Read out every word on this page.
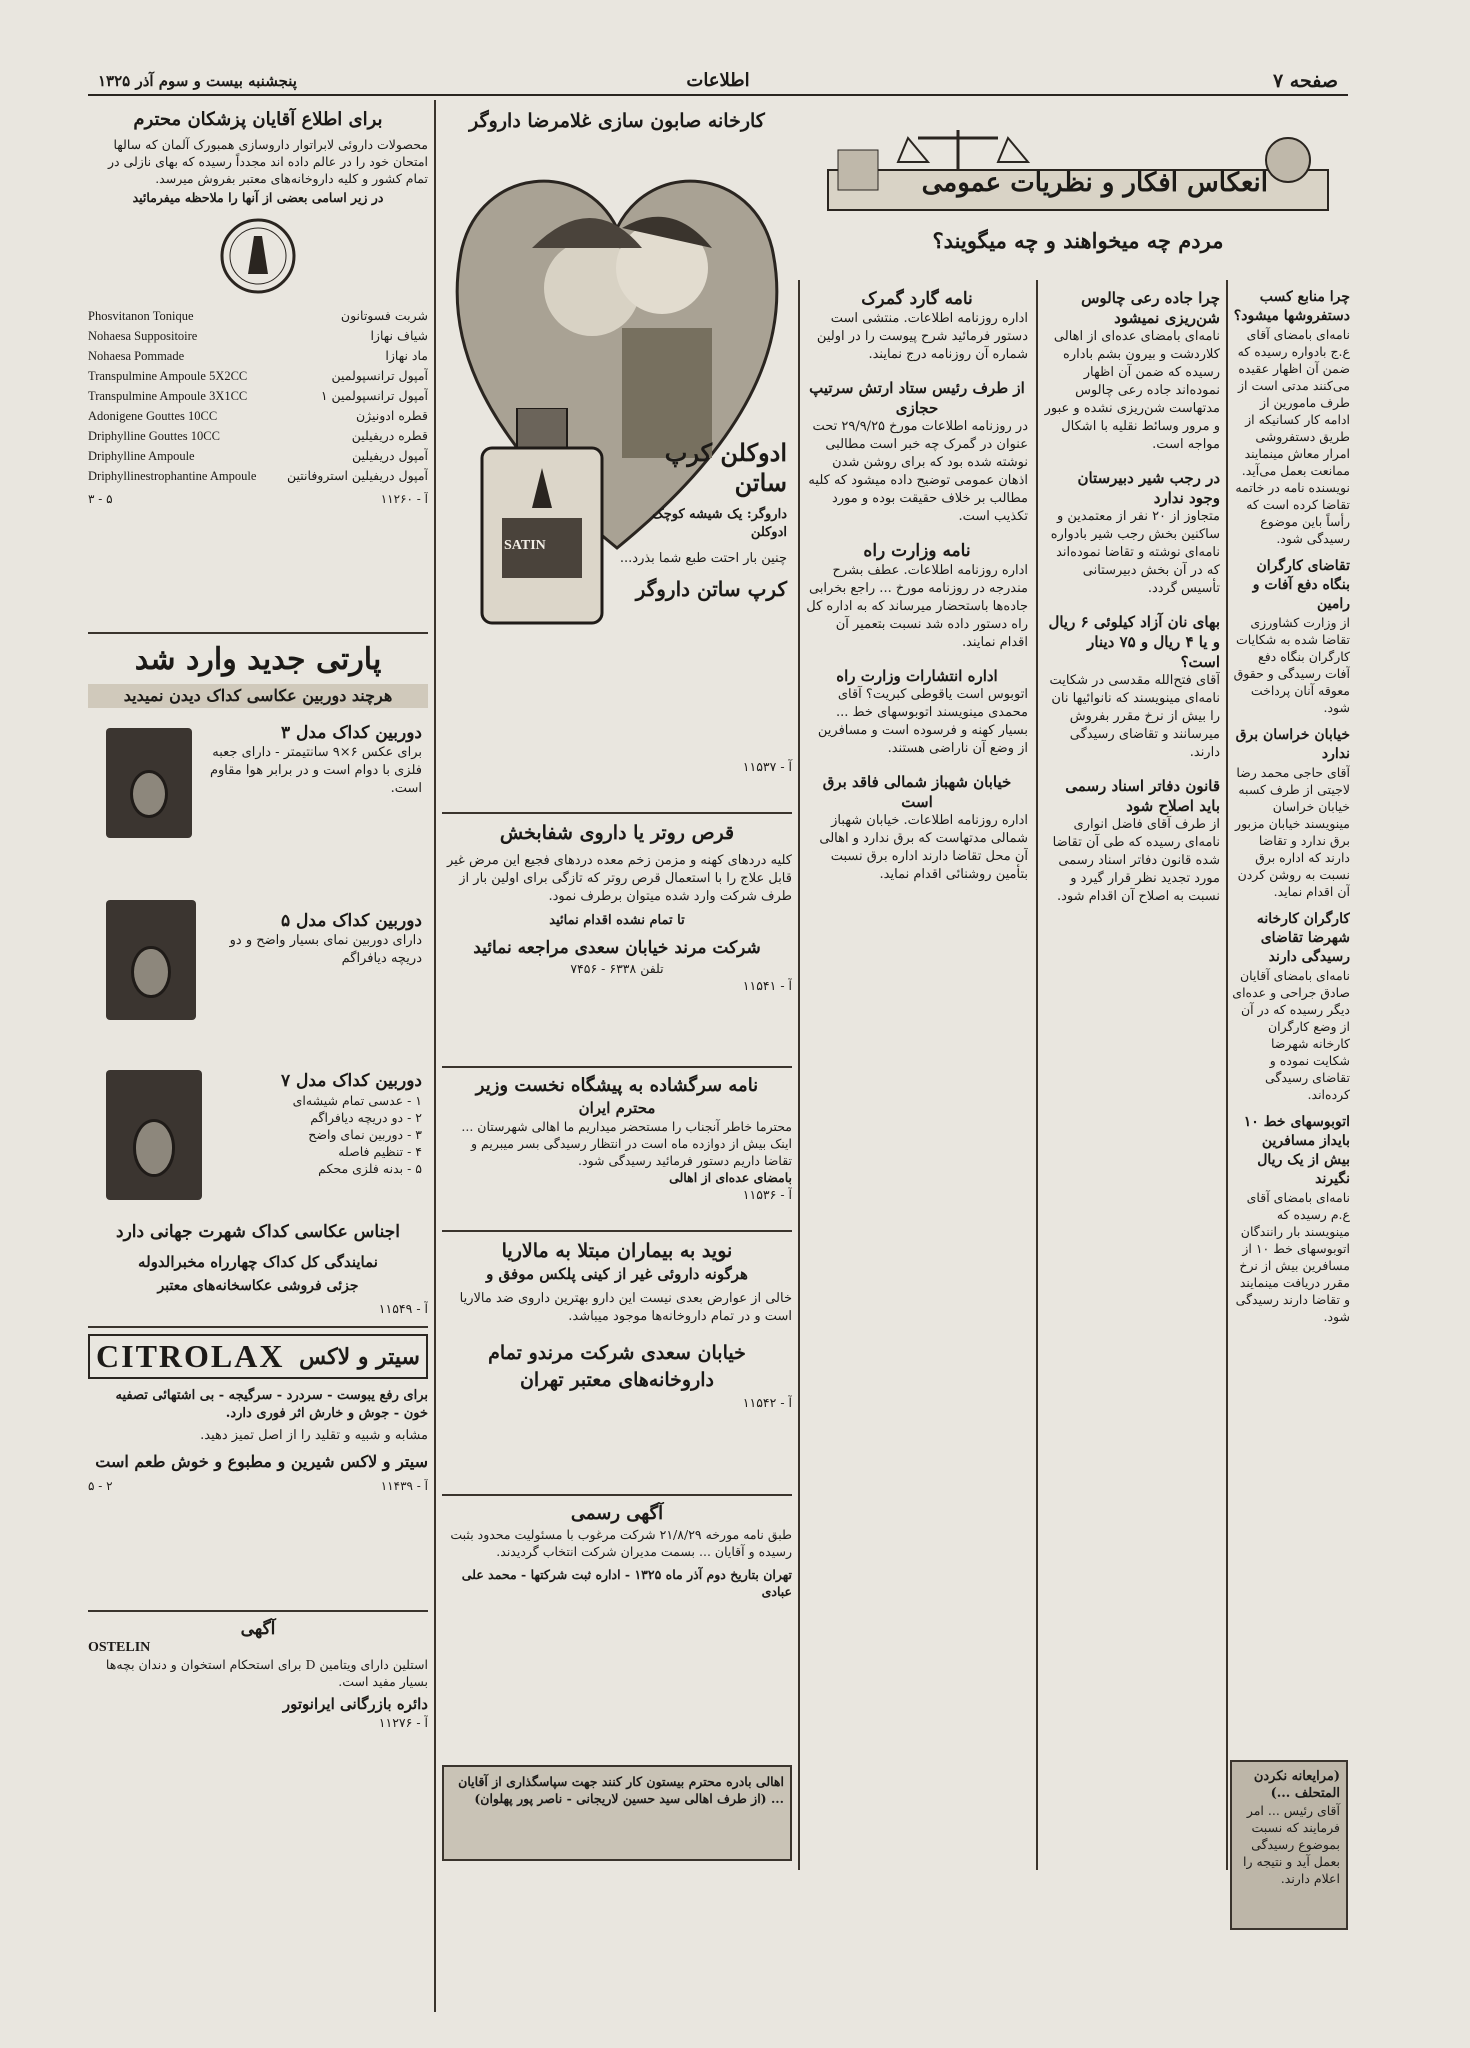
صفحه ۷
اطلاعات
پنجشنبه بیست و سوم آذر ۱۳۲۵
انعکاس افکار و نظریات عمومی
مردم چه میخواهند و چه میگویند؟

چرا منابع کسب دستفروشها میشود؟

نامه‌ای بامضای آقای ع.ج بادواره رسیده که ضمن آن اظهار عقیده می‌کنند مدتی است از طرف مامورین از ادامه کار کسانیکه از طریق دستفروشی امرار معاش مینمایند ممانعت بعمل می‌آید. نویسنده نامه در خاتمه تقاضا کرده است که رأساً باین موضوع رسیدگی شود.

تقاضای کارگران بنگاه دفع آفات و رامین

از وزارت کشاورزی تقاضا شده به شکایات کارگران بنگاه دفع آفات رسیدگی و حقوق معوقه آنان پرداخت شود.

خیابان خراسان برق ندارد

آقای حاجی محمد رضا لاجیتی از طرف کسبه خیابان خراسان مینویسند خیابان مزبور برق ندارد و تقاضا دارند که اداره برق نسبت به روشن کردن آن اقدام نماید.

کارگران کارخانه شهرضا تقاضای رسیدگی دارند

نامه‌ای بامضای آقایان صادق جراحی و عده‌ای دیگر رسیده که در آن از وضع کارگران کارخانه شهرضا شکایت نموده و تقاضای رسیدگی کرده‌اند.

اتوبوسهای خط ۱۰ بایداز مسافرین بیش از یک ریال نگیرند

نامه‌ای بامضای آقای ع.م رسیده که مینویسند بار رانندگان اتوبوسهای خط ۱۰ از مسافرین بیش از نرخ مقرر دریافت مینمایند و تقاضا دارند رسیدگی شود.

(مرایعانه نکردن المتحلف ...)

آقای رئیس ... امر فرمایند که نسبت بموضوع رسیدگی بعمل آید و نتیجه را اعلام دارند.

چرا جاده رعی چالوس شن‌ریزی نمیشود

نامه‌ای بامضای عده‌ای از اهالی کلاردشت و بیرون بشم باداره رسیده که ضمن آن اظهار نموده‌اند جاده رعی چالوس مدتهاست شن‌ریزی نشده و عبور و مرور وسائط نقلیه با اشکال مواجه است.

در رجب شیر دبیرستان وجود ندارد

متجاوز از ۲۰ نفر از معتمدین و ساکنین بخش رجب شیر بادواره نامه‌ای نوشته و تقاضا نموده‌اند که در آن بخش دبیرستانی تأسیس گردد.

بهای نان آزاد کیلوئی ۶ ریال و یا ۴ ریال و ۷۵ دینار است؟

آقای فتح‌الله مقدسی در شکایت نامه‌ای مینویسند که نانوائیها نان را بیش از نرخ مقرر بفروش میرسانند و تقاضای رسیدگی دارند.

قانون دفاتر اسناد رسمی باید اصلاح شود

از طرف آقای فاضل انواری نامه‌ای رسیده که طی آن تقاضا شده قانون دفاتر اسناد رسمی مورد تجدید نظر قرار گیرد و نسبت به اصلاح آن اقدام شود.

نامه گارد گمرک

اداره روزنامه اطلاعات. منتشی است دستور فرمائید شرح پیوست را در اولین شماره آن روزنامه درج نمایند.

از طرف رئیس ستاد ارتش سرتیپ حجازی

در روزنامه اطلاعات مورخ ۲۹/۹/۲۵ تحت عنوان در گمرک چه خبر است مطالبی نوشته شده بود که برای روشن شدن اذهان عمومی توضیح داده میشود که کلیه مطالب بر خلاف حقیقت بوده و مورد تکذیب است.

نامه وزارت راه

اداره روزنامه اطلاعات. عطف بشرح مندرجه در روزنامه مورخ ... راجع بخرابی جاده‌ها باستحضار میرساند که به اداره کل راه دستور داده شد نسبت بتعمیر آن اقدام نمایند.

اداره انتشارات وزارت راه

اتوبوس است یاقوطی کبریت؟ آقای محمدی مینویسند اتوبوسهای خط ... بسیار کهنه و فرسوده است و مسافرین از وضع آن ناراضی هستند.

خیابان شهباز شمالی فاقد برق است

اداره روزنامه اطلاعات. خیابان شهباز شمالی مدتهاست که برق ندارد و اهالی آن محل تقاضا دارند اداره برق نسبت بتأمین روشنائی اقدام نماید.

اهالی بادره محترم بیستون کار کنند جهت سپاسگذاری از آقایان ... (از طرف اهالی سید حسین لاریجانی - ناصر پور پهلوان)

کارخانه صابون سازی غلامرضا داروگر

SATIN

ادوکلن کرپ ساتن

داروگر: یک شیشه کوچک ادوکلن

چنین بار احتت طبع شما بذرد...

کرپ ساتن داروگر

آ - ۱۱۵۳۷

قرص روتر یا داروی شفابخش

کلیه دردهای کهنه و مزمن زخم معده دردهای فجیع این مرض غیر قابل علاج را با استعمال قرص روتر که تازگی برای اولین بار از طرف شرکت وارد شده میتوان برطرف نمود.

تا تمام نشده اقدام نمائید

شرکت مرند خیابان سعدی مراجعه نمائید

تلفن ۶۳۳۸ - ۷۴۵۶

آ - ۱۱۵۴۱

نامه سرگشاده به پیشگاه نخست وزیر

محترم ایران

محترما خاطر آنجناب را مستحضر میداریم ما اهالی شهرستان ... اینک بیش از دوازده ماه است در انتظار رسیدگی بسر میبریم و تقاضا داریم دستور فرمائید رسیدگی شود.

بامضای عده‌ای از اهالی

آ - ۱۱۵۳۶

نوید به بیماران مبتلا به مالاریا

هرگونه داروئی غیر از کینی پلکس موفق و

خالی از عوارض بعدی نیست این دارو بهترین داروی ضد مالاریا است و در تمام داروخانه‌ها موجود میباشد.

خیابان سعدی شرکت مرندو تمام داروخانه‌های معتبر تهران

آ - ۱۱۵۴۲

آگهی رسمی

طبق نامه مورخه ۲۱/۸/۲۹ شرکت مرغوب با مسئولیت محدود بثبت رسیده و آقایان ... بسمت مدیران شرکت انتخاب گردیدند.

تهران بتاریخ دوم آذر ماه ۱۳۲۵ - اداره ثبت شرکتها - محمد علی عبادی

برای اطلاع آقایان پزشکان محترم

محصولات داروئی لابراتوار داروسازی همبورک آلمان که سالها امتحان خود را در عالم داده اند مجدداً رسیده که بهای نازلی در تمام کشور و کلیه داروخانه‌های معتبر بفروش میرسد.

در زیر اسامی بعضی از آنها را ملاحظه میفرمائید

Phosvitanon Tonique	شربت فسوتانون
Nohaesa Suppositoire	شیاف نهازا
Nohaesa Pommade	ماد نهازا
Transpulmine Ampoule 5X2CC	آمپول ترانسپولمین
Transpulmine Ampoule 3X1CC	آمپول ترانسپولمین ۱
Adonigene Gouttes 10CC	قطره ادونیژن
Driphylline Gouttes 10CC	قطره دریفیلین
Driphylline Ampoule	آمپول دریفیلین
Driphyllinestrophantine Ampoule آمپول دریفیلین استروفانتین
آ - ۱۱۲۶۰
۵ - ۳

پارتی جدید وارد شد

هرچند دوربین عکاسی کداک دیدن نمیدید

دوربین کداک مدل ۳

برای عکس ۶×۹ سانتیمتر - دارای جعبه فلزی با دوام است و در برابر هوا مقاوم است.

دوربین کداک مدل ۵

دارای دوربین نمای بسیار واضح و دو دریچه دیافراگم

دوربین کداک مدل ۷

۱ - عدسی تمام شیشه‌ای

۲ - دو دریچه دیافراگم

۳ - دوربین نمای واضح

۴ - تنظیم فاصله

۵ - بدنه فلزی محکم

اجناس عکاسی کداک شهرت جهانی دارد

نمایندگی کل کداک چهارراه مخبرالدوله

جزئی فروشی عکاسخانه‌های معتبر

آ - ۱۱۵۴۹

CITROLAX سیتر و لاکس

برای رفع یبوست - سردرد - سرگیجه - بی اشتهائی تصفیه خون - جوش و خارش اثر فوری دارد.

مشابه و شبیه و تقلید را از اصل تمیز دهید.

سیتر و لاکس شیرین و مطبوع و خوش طعم است

آ - ۱۱۴۳۹
۲ - ۵

آگهی

OSTELIN

استلین دارای ویتامین D برای استحکام استخوان و دندان بچه‌ها بسیار مفید است.

دائره بازرگانی ایرانوتور

آ - ۱۱۲۷۶
